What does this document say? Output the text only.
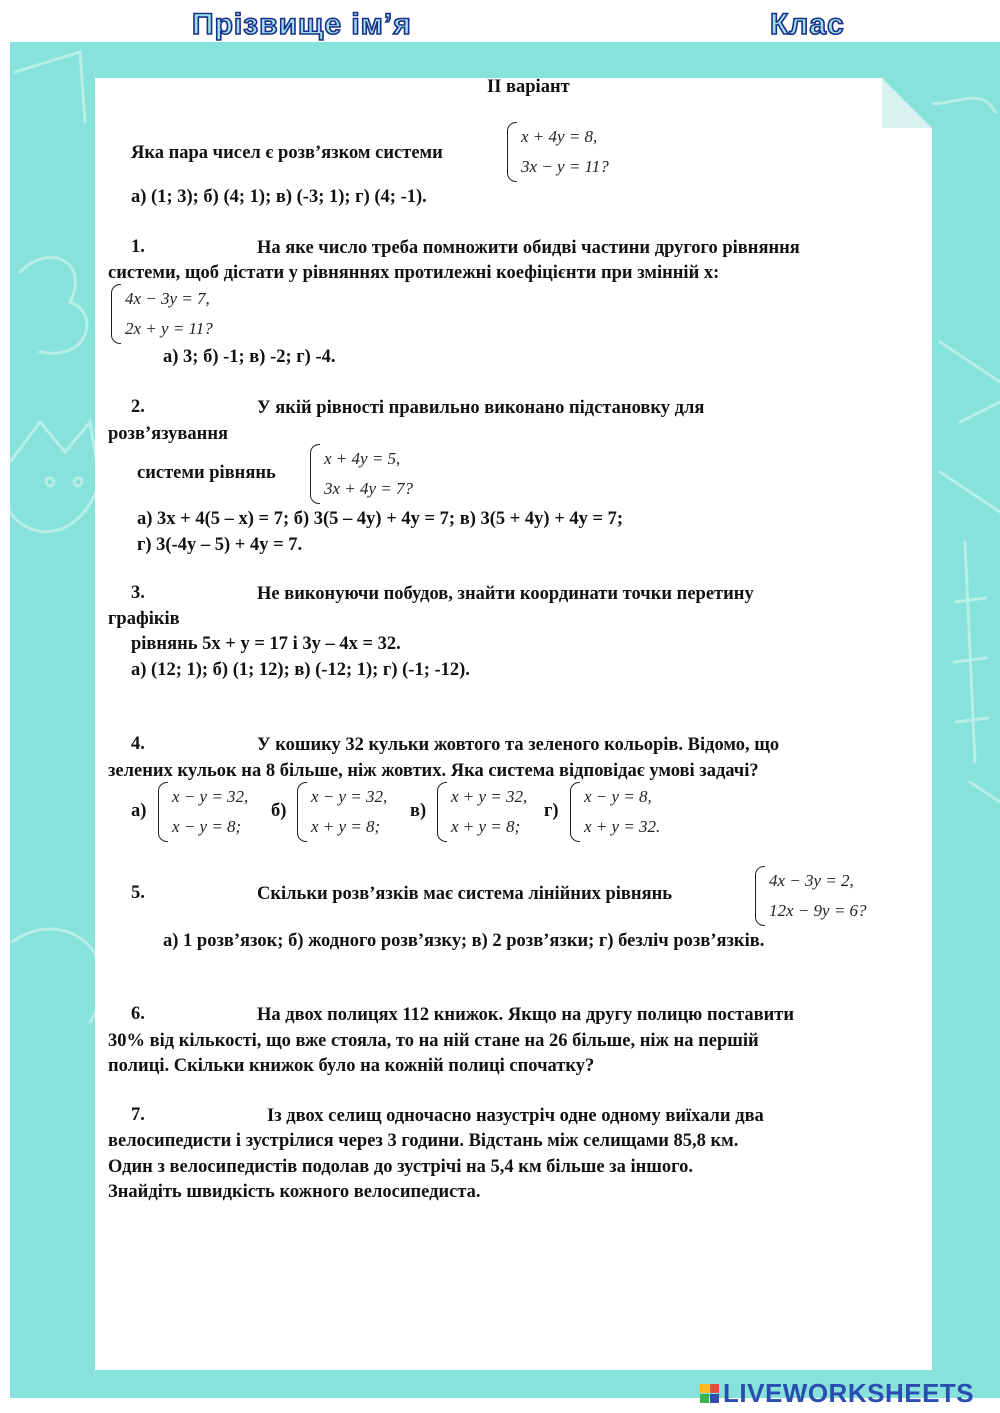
Прізвище ім’я	Клас
ІІ варіант
Яка пара чисел є розв’язком системи
x + 4y = 8,
3x − y = 11?
а) (1; 3); б) (4; 1); в) (-3; 1); г) (4; -1).
1.	На яке число треба помножити обидві частини другого рівняння
системи, щоб дістати у рівняннях протилежні коефіцієнти при змінній х:
4x − 3y = 7,
2x + y = 11?
а) 3; б) -1; в) -2; г) -4.
2.	У якій рівності правильно виконано підстановку для
розв’язування
системи рівнянь
x + 4y = 5,
3x + 4y = 7?
а) 3х + 4(5 – х) = 7; б) 3(5 – 4у) + 4у = 7; в) 3(5 + 4у) + 4у = 7;
г) 3(-4у – 5) + 4у = 7.
3.	Не виконуючи побудов, знайти координати точки перетину
графіків
рівнянь 5х + у = 17 і 3у – 4х = 32.
а) (12; 1); б) (1; 12); в) (-12; 1); г) (-1; -12).
4.	У кошику 32 кульки жовтого та зеленого кольорів. Відомо, що
зелених кульок на 8 більше, ніж жовтих. Яка система відповідає умові задачі?
а)
x − y = 32,
x − y = 8;
б)
x − y = 32,
x + y = 8;
в)
x + y = 32,
x + y = 8;
г)
x − y = 8,
x + y = 32.
5.	Скільки розв’язків має система лінійних рівнянь
4x − 3y = 2,
12x − 9y = 6?
а) 1 розв’язок; б) жодного розв’язку; в) 2 розв’язки; г) безліч розв’язків.
6.	На двох полицях 112 книжок. Якщо на другу полицю поставити
30% від кількості, що вже стояла, то на ній стане на 26 більше, ніж на першій
полиці. Скільки книжок було на кожній полиці спочатку?
7.	Із двох селищ одночасно назустріч одне одному виїхали два
велосипедисти і зустрілися через 3 години. Відстань між селищами 85,8 км.
Один з велосипедистів подолав до зустрічі на 5,4 км більше за іншого.
Знайдіть швидкість кожного велосипедиста.
LIVEWORKSHEETS
